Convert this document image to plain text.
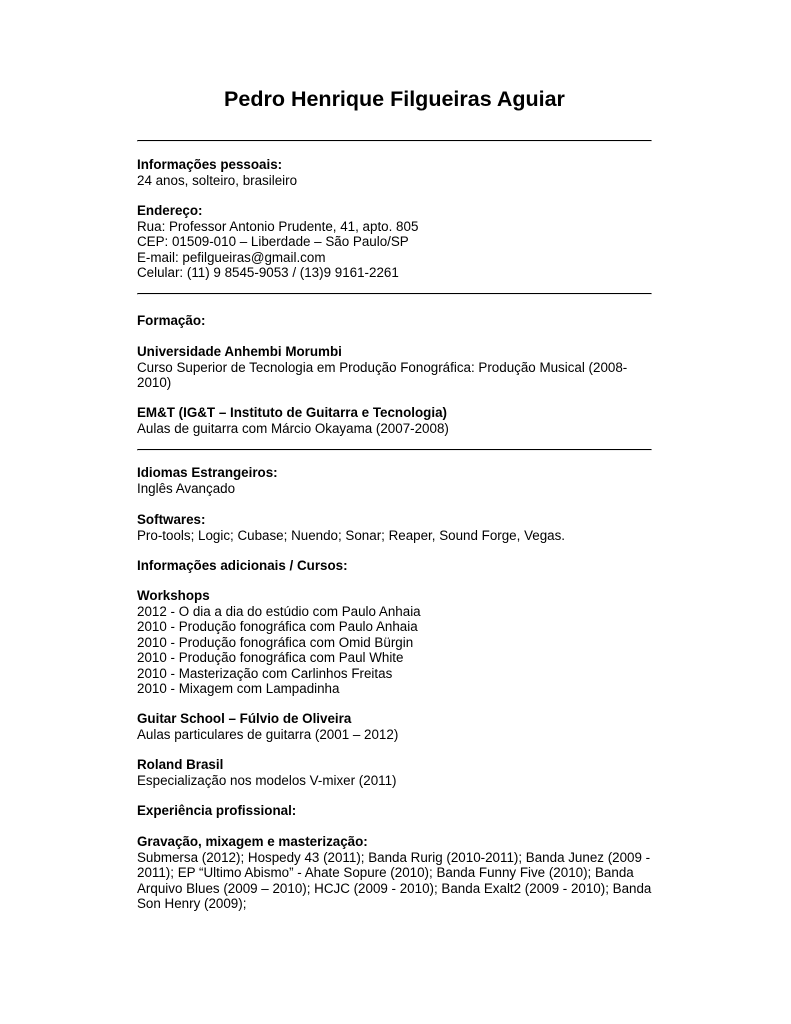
Pedro Henrique Filgueiras Aguiar
Informações pessoais:
24 anos, solteiro, brasileiro
Endereço:
Rua: Professor Antonio Prudente, 41, apto. 805
CEP: 01509-010 – Liberdade – São Paulo/SP
E-mail: pefilgueiras@gmail.com
Celular: (11) 9 8545-9053 / (13)9 9161-2261
Formação:
Universidade Anhembi Morumbi
Curso Superior de Tecnologia em Produção Fonográfica: Produção Musical (2008-
2010)
EM&T (IG&T – Instituto de Guitarra e Tecnologia)
Aulas de guitarra com Márcio Okayama (2007-2008)
Idiomas Estrangeiros:
Inglês Avançado
Softwares:
Pro-tools; Logic; Cubase; Nuendo; Sonar; Reaper, Sound Forge, Vegas.
Informações adicionais / Cursos:
Workshops
2012 - O dia a dia do estúdio com Paulo Anhaia
2010 - Produção fonográfica com Paulo Anhaia
2010 - Produção fonográfica com Omid Bürgin
2010 - Produção fonográfica com Paul White
2010 - Masterização com Carlinhos Freitas
2010 - Mixagem com Lampadinha
Guitar School – Fúlvio de Oliveira
Aulas particulares de guitarra (2001 – 2012)
Roland Brasil
Especialização nos modelos V-mixer (2011)
Experiência profissional:
Gravação, mixagem e masterização:
Submersa (2012); Hospedy 43 (2011); Banda Rurig (2010-2011); Banda Junez (2009 -
2011); EP “Ultimo Abismo” - Ahate Sopure (2010); Banda Funny Five (2010); Banda
Arquivo Blues (2009 – 2010); HCJC (2009 - 2010); Banda Exalt2 (2009 - 2010); Banda
Son Henry (2009);
